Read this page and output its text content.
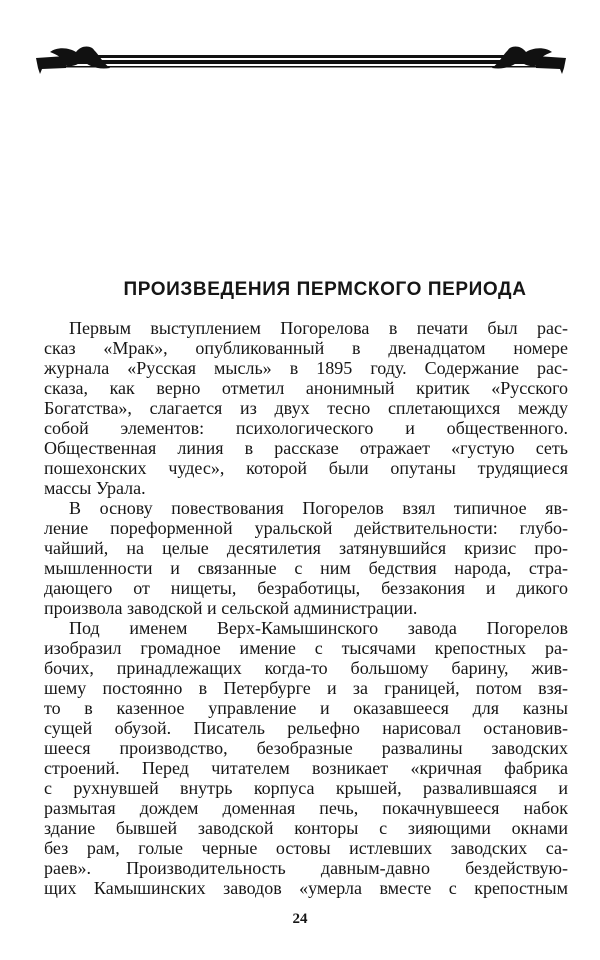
ПРОИЗВЕДЕНИЯ ПЕРМСКОГО ПЕРИОДА
Первым выступлением Погорелова в печати был рас-
сказ «Мрак», опубликованный в двенадцатом номере
журнала «Русская мысль» в 1895 году. Содержание рас-
сказа, как верно отметил анонимный критик «Русского
Богатства», слагается из двух тесно сплетающихся между
собой элементов: психологического и общественного.
Общественная линия в рассказе отражает «густую сеть
пошехонских чудес», которой были опутаны трудящиеся
массы Урала.
В основу повествования Погорелов взял типичное яв-
ление пореформенной уральской действительности: глубо-
чайший, на целые десятилетия затянувшийся кризис про-
мышленности и связанные с ним бедствия народа, стра-
дающего от нищеты, безработицы, беззакония и дикого
произвола заводской и сельской администрации.
Под именем Верх-Камышинского завода Погорелов
изобразил громадное имение с тысячами крепостных ра-
бочих, принадлежащих когда-то большому барину, жив-
шему постоянно в Петербурге и за границей, потом взя-
то в казенное управление и оказавшееся для казны
сущей обузой. Писатель рельефно нарисовал остановив-
шееся производство, безобразные развалины заводских
строений. Перед читателем возникает «кричная фабрика
с рухнувшей внутрь корпуса крышей, развалившаяся и
размытая дождем доменная печь, покачнувшееся набок
здание бывшей заводской конторы с зияющими окнами
без рам, голые черные остовы истлевших заводских са-
раев». Производительность давным-давно бездействую-
щих Камышинских заводов «умерла вместе с крепостным
24
